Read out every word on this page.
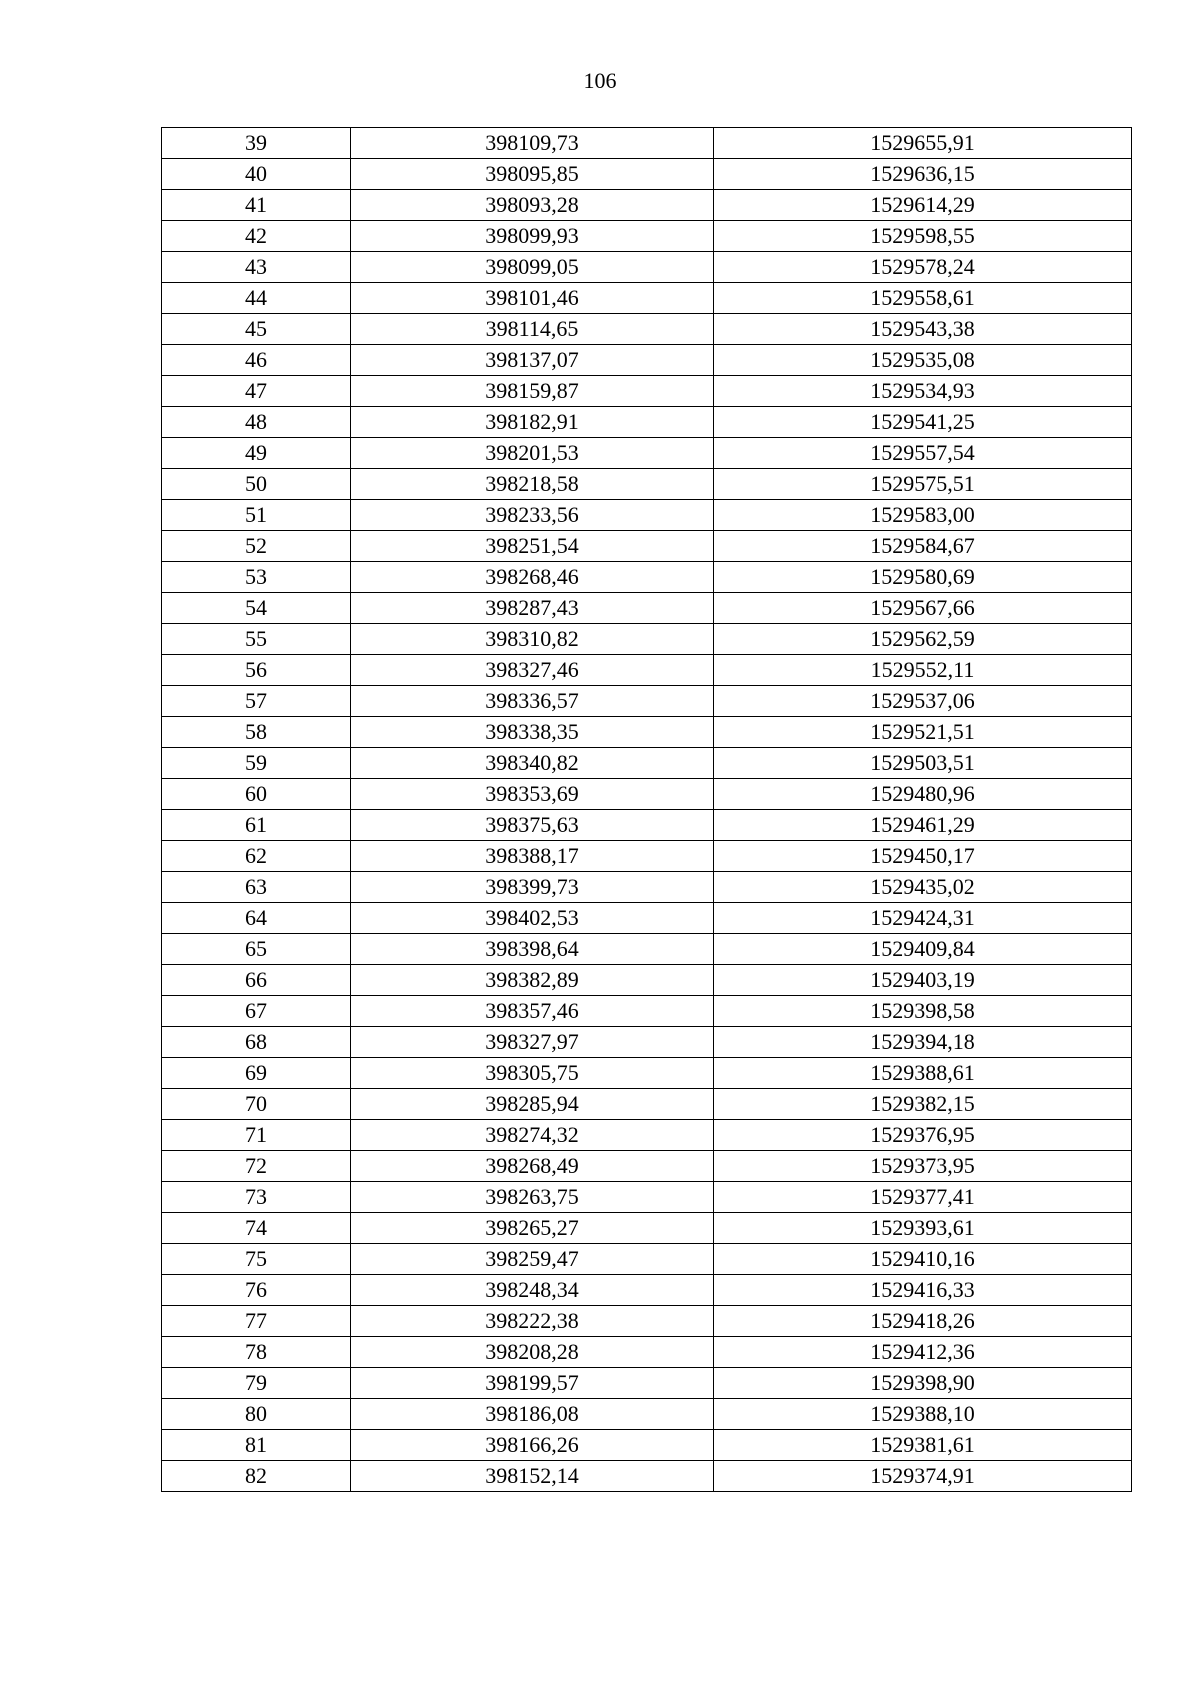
106
39	398109,73	1529655,91
40	398095,85	1529636,15
41	398093,28	1529614,29
42	398099,93	1529598,55
43	398099,05	1529578,24
44	398101,46	1529558,61
45	398114,65	1529543,38
46	398137,07	1529535,08
47	398159,87	1529534,93
48	398182,91	1529541,25
49	398201,53	1529557,54
50	398218,58	1529575,51
51	398233,56	1529583,00
52	398251,54	1529584,67
53	398268,46	1529580,69
54	398287,43	1529567,66
55	398310,82	1529562,59
56	398327,46	1529552,11
57	398336,57	1529537,06
58	398338,35	1529521,51
59	398340,82	1529503,51
60	398353,69	1529480,96
61	398375,63	1529461,29
62	398388,17	1529450,17
63	398399,73	1529435,02
64	398402,53	1529424,31
65	398398,64	1529409,84
66	398382,89	1529403,19
67	398357,46	1529398,58
68	398327,97	1529394,18
69	398305,75	1529388,61
70	398285,94	1529382,15
71	398274,32	1529376,95
72	398268,49	1529373,95
73	398263,75	1529377,41
74	398265,27	1529393,61
75	398259,47	1529410,16
76	398248,34	1529416,33
77	398222,38	1529418,26
78	398208,28	1529412,36
79	398199,57	1529398,90
80	398186,08	1529388,10
81	398166,26	1529381,61
82	398152,14	1529374,91
